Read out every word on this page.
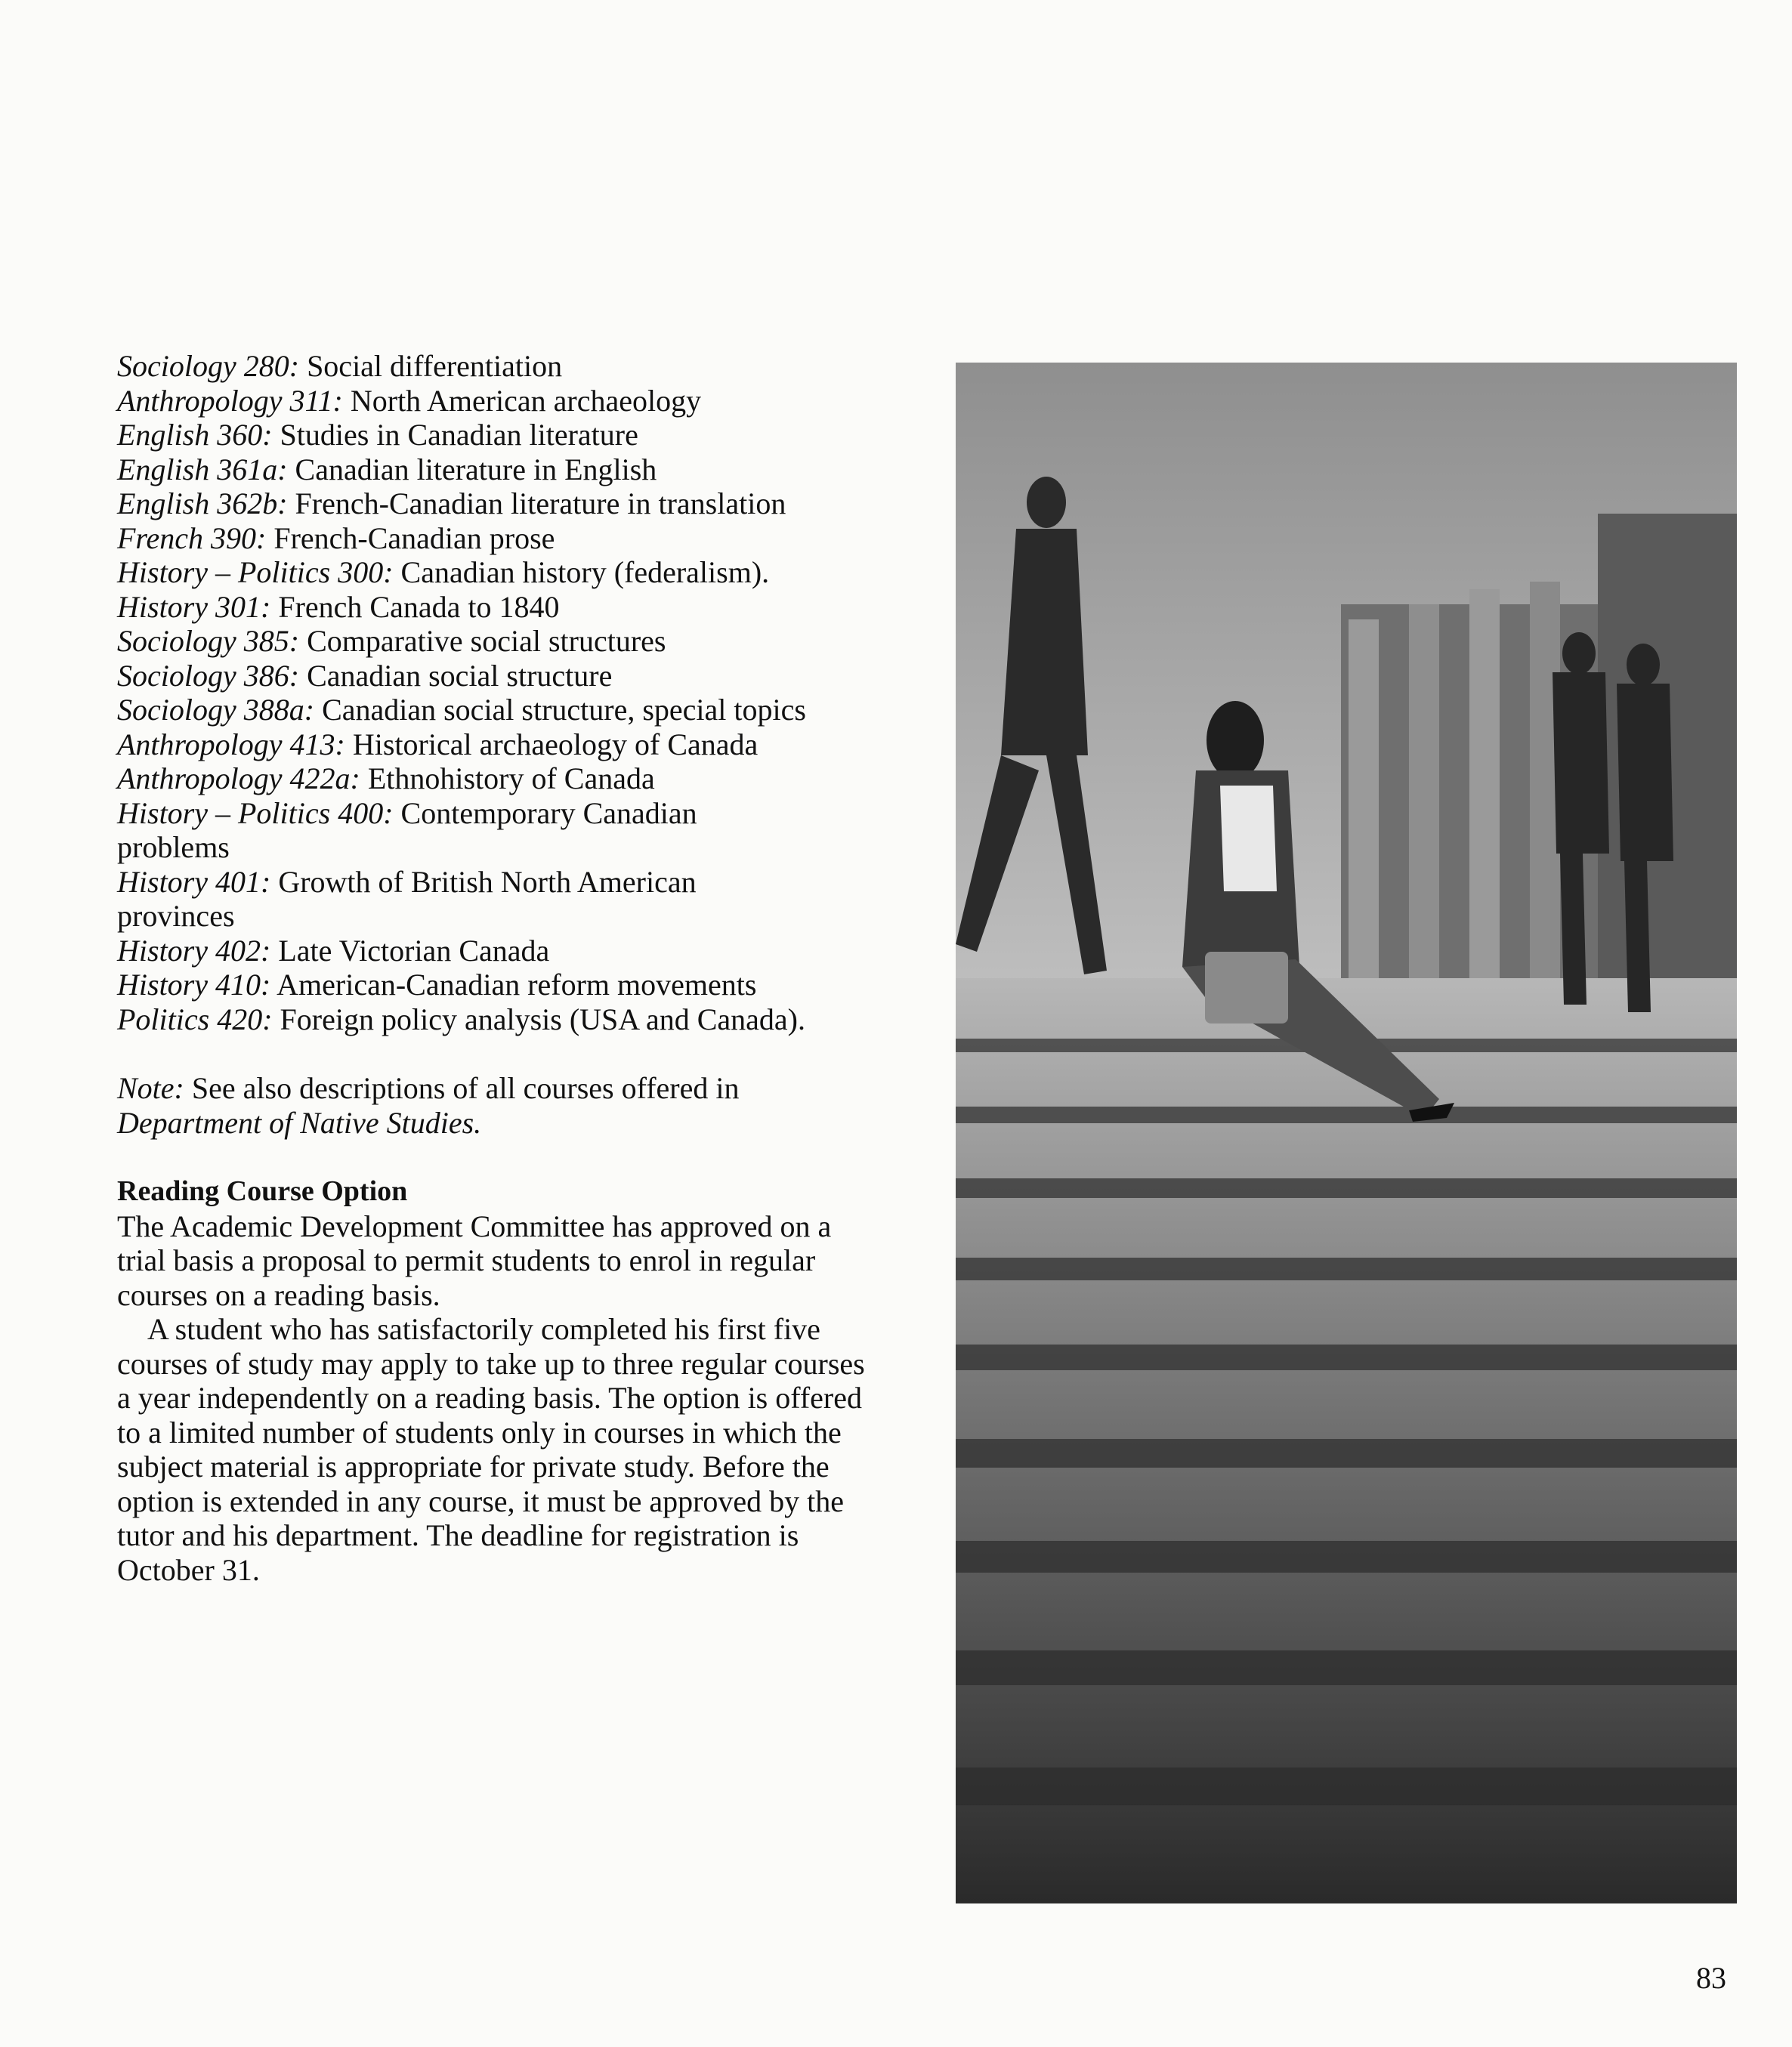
Sociology 280: Social differentiation
Anthropology 311: North American archaeology
English 360: Studies in Canadian literature
English 361a: Canadian literature in English
English 362b: French-Canadian literature in translation
French 390: French-Canadian prose
History – Politics 300: Canadian history (federalism).
History 301: French Canada to 1840
Sociology 385: Comparative social structures
Sociology 386: Canadian social structure
Sociology 388a: Canadian social structure, special topics
Anthropology 413: Historical archaeology of Canada
Anthropology 422a: Ethnohistory of Canada
History – Politics 400: Contemporary Canadian problems
History 401: Growth of British North American provinces
History 402: Late Victorian Canada
History 410: American-Canadian reform movements
Politics 420: Foreign policy analysis (USA and Canada).
Note: See also descriptions of all courses offered in
Department of Native Studies.
Reading Course Option

The Academic Development Committee has approved on a trial basis a proposal to permit students to enrol in regular courses on a reading basis.

A student who has satisfactorily completed his first five courses of study may apply to take up to three regular courses a year independently on a reading basis. The option is offered to a limited number of students only in courses in which the subject material is appropriate for private study. Before the option is extended in any course, it must be approved by the tutor and his department. The deadline for registration is October 31.

83
